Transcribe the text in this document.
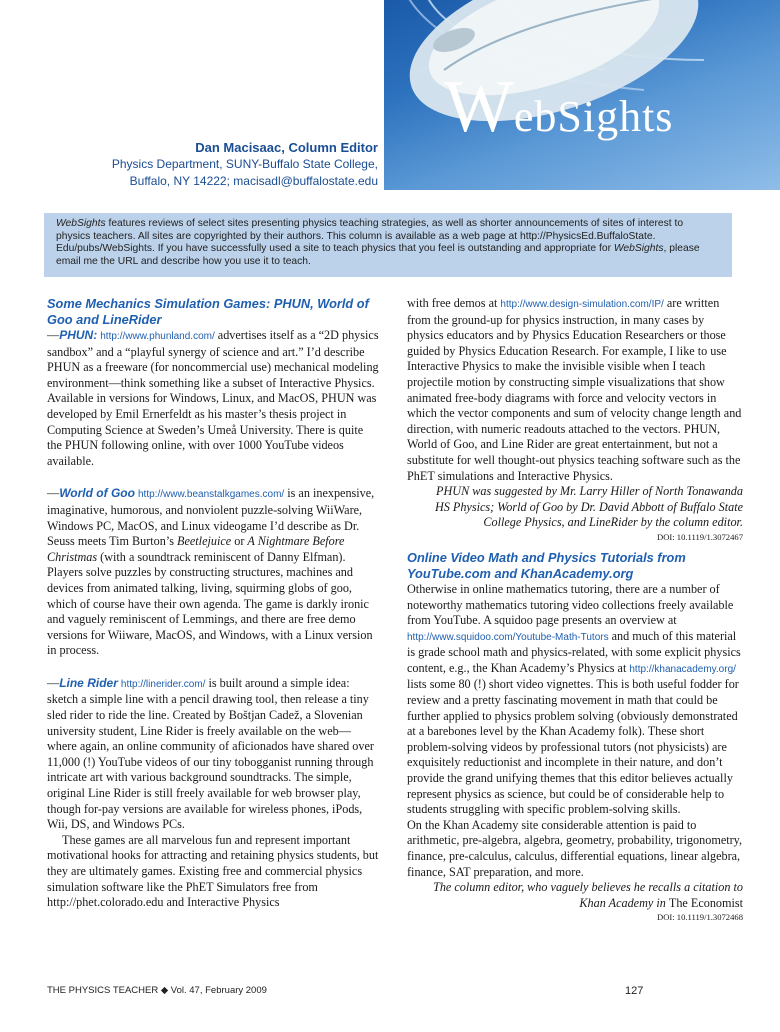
WebSights
Dan Macisaac, Column Editor
Physics Department, SUNY-Buffalo State College,
Buffalo, NY 14222; macisadl@buffalostate.edu
WebSights features reviews of select sites presenting physics teaching strategies, as well as shorter announcements of sites of interest to physics teachers. All sites are copyrighted by their authors. This column is available as a web page at http://PhysicsEd.BuffaloState. Edu/pubs/WebSights. If you have successfully used a site to teach physics that you feel is outstanding and appropriate for WebSights, please email me the URL and describe how you use it to teach.
Some Mechanics Simulation Games: PHUN, World of Goo and LineRider

—PHUN: http://www.phunland.com/ advertises itself as a “2D physics sandbox” and a “playful synergy of science and art.” I’d describe PHUN as a freeware (for noncommercial use) mechanical modeling environment—think something like a subset of Interactive Physics. Available in versions for Windows, Linux, and MacOS, PHUN was developed by Emil Ernerfeldt as his master’s thesis project in Computing Science at Sweden’s Umeå University. There is quite the PHUN following online, with over 1000 YouTube videos available.

—World of Goo http://www.beanstalkgames.com/ is an inexpensive, imaginative, humorous, and nonviolent puzzle-solving WiiWare, Windows PC, MacOS, and Linux videogame I’d describe as Dr. Seuss meets Tim Burton’s Beetlejuice or A Nightmare Before Christmas (with a soundtrack reminiscent of Danny Elfman). Players solve puzzles by constructing structures, machines and devices from animated talking, living, squirming globs of goo, which of course have their own agenda. The game is darkly ironic and vaguely reminiscent of Lemmings, and there are free demo versions for Wiiware, MacOS, and Windows, with a Linux version in process.

—Line Rider http://linerider.com/ is built around a simple idea: sketch a simple line with a pencil drawing tool, then release a tiny sled rider to ride the line. Created by Boštjan Cadež, a Slovenian university student, Line Rider is freely available on the web—where again, an online community of aficionados have shared over 11,000 (!) YouTube videos of our tiny tobogganist running through intricate art with various background soundtracks. The simple, original Line Rider is still freely available for web browser play, though for-pay versions are available for wireless phones, iPods, Wii, DS, and Windows PCs.

These games are all marvelous fun and represent important motivational hooks for attracting and retaining physics students, but they are ultimately games. Existing free and commercial physics simulation software like the PhET Simulators free from http://phet.colorado.edu and Interactive Physics

with free demos at http://www.design-simulation.com/IP/ are written from the ground-up for physics instruction, in many cases by physics educators and by Physics Education Researchers or those guided by Physics Education Research. For example, I like to use Interactive Physics to make the invisible visible when I teach projectile motion by constructing simple visualizations that show animated free-body diagrams with force and velocity vectors in which the vector components and sum of velocity change length and direction, with numeric readouts attached to the vectors. PHUN, World of Goo, and Line Rider are great entertainment, but not a substitute for well thought-out physics teaching software such as the PhET simulations and Interactive Physics.

PHUN was suggested by Mr. Larry Hiller of North Tonawanda

HS Physics; World of Goo by Dr. David Abbott of Buffalo State

College Physics, and LineRider by the column editor.

DOI: 10.1119/1.3072467

Online Video Math and Physics Tutorials from YouTube.com and KhanAcademy.org

Otherwise in online mathematics tutoring, there are a number of noteworthy mathematics tutoring video collections freely available from YouTube. A squidoo page presents an overview at http://www.squidoo.com/Youtube-Math-Tutors and much of this material is grade school math and physics-related, with some explicit physics content, e.g., the Khan Academy’s Physics at http://khanacademy.org/ lists some 80 (!) short video vignettes. This is both useful fodder for review and a pretty fascinating movement in math that could be further applied to physics problem solving (obviously demonstrated at a barebones level by the Khan Academy folk). These short problem-solving videos by professional tutors (not physicists) are exquisitely reductionist and incomplete in their nature, and don’t provide the grand unifying themes that this editor believes actually represent physics as science, but could be of considerable help to students struggling with specific problem-solving skills.

On the Khan Academy site considerable attention is paid to arithmetic, pre-algebra, algebra, geometry, probability, trigonometry, finance, pre-calculus, calculus, differential equations, linear algebra, finance, SAT preparation, and more.

The column editor, who vaguely believes he recalls a citation to

Khan Academy in The Economist

DOI: 10.1119/1.3072468

THE PHYSICS TEACHER ◆ Vol. 47, February 2009	127
